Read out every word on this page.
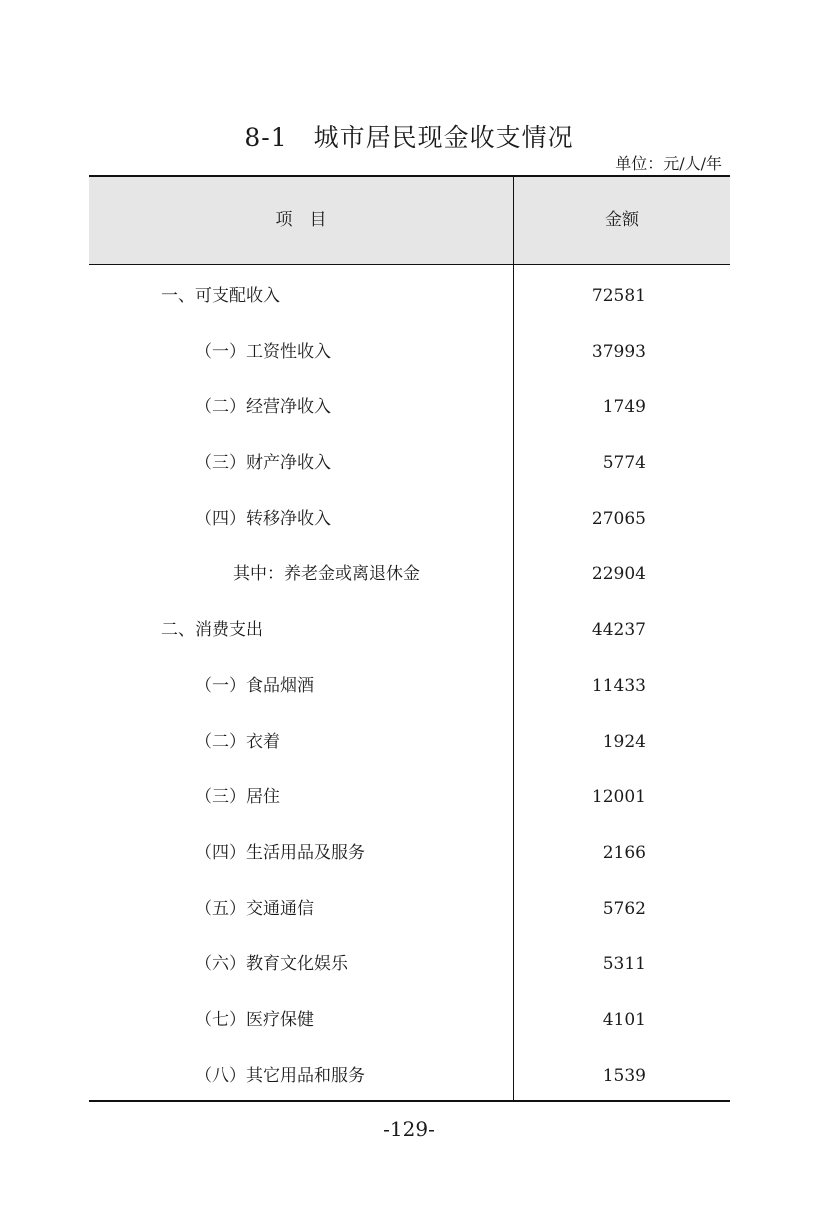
8-1 城市居民现金收支情况
单位：元/人/年
项　目	金额
一、可支配收入	72581
（一）工资性收入	37993
（二）经营净收入	1749
（三）财产净收入	5774
（四）转移净收入	27065
其中：养老金或离退休金	22904
二、消费支出	44237
（一）食品烟酒	11433
（二）衣着	1924
（三）居住	12001
（四）生活用品及服务	2166
（五）交通通信	5762
（六）教育文化娱乐	5311
（七）医疗保健	4101
（八）其它用品和服务	1539
-129-
